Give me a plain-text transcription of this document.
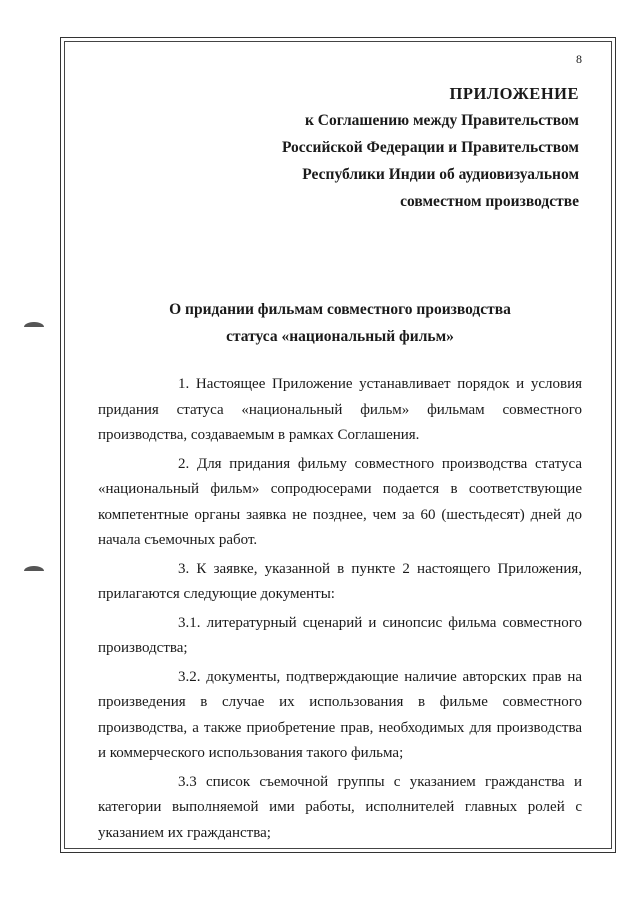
8
ПРИЛОЖЕНИЕ
к Соглашению между Правительством
Российской Федерации и Правительством
Республики Индии об аудиовизуальном
совместном производстве
О придании фильмам совместного производства
статуса «национальный фильм»

1. Настоящее Приложение устанавливает порядок и условия придания статуса «национальный фильм» фильмам совместного производства, создаваемым в рамках Соглашения.

2. Для придания фильму совместного производства статуса «национальный фильм» сопродюсерами подается в соответствующие компетентные органы заявка не позднее, чем за 60 (шестьдесят) дней до начала съемочных работ.

3. К заявке, указанной в пункте 2 настоящего Приложения, прилагаются следующие документы:

3.1. литературный сценарий и синопсис фильма совместного производства;

3.2. документы, подтверждающие наличие авторских прав на произведения в случае их использования в фильме совместного производства, а также приобретение прав, необходимых для производства и коммерческого использования такого фильма;

3.3 список съемочной группы с указанием гражданства и категории выполняемой ими работы, исполнителей главных ролей с указанием их гражданства;
